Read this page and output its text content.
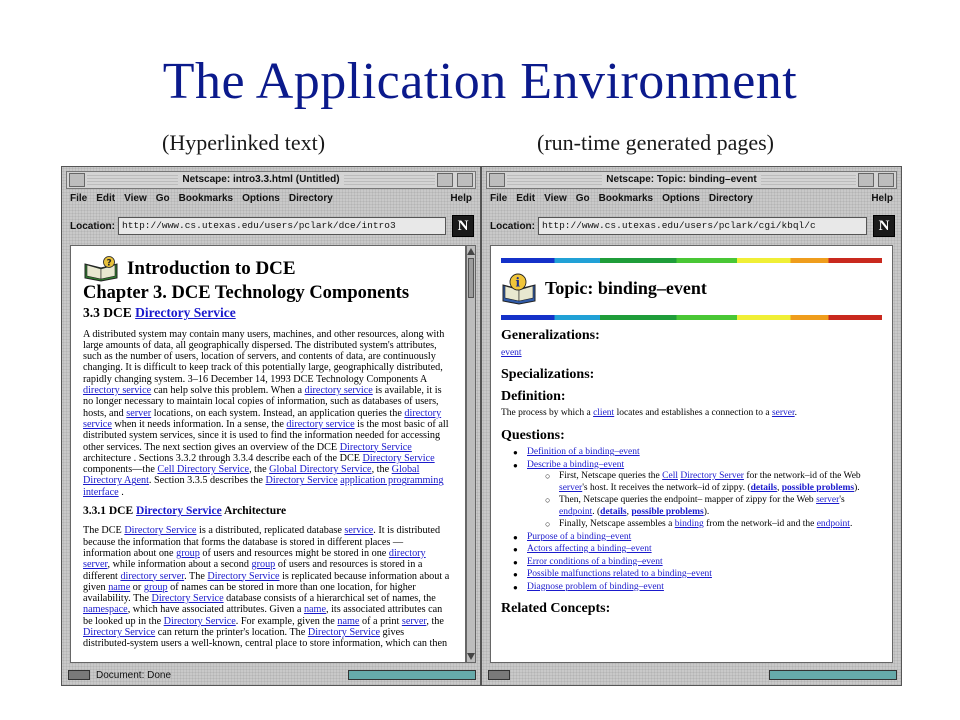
The Application Environment
(Hyperlinked text)	(run-time generated pages)
Netscape: intro3.3.html (Untitled)
File Edit View Go Bookmarks Options Directory	Help
Location: http://www.cs.utexas.edu/users/pclark/dce/intro3	N
? Introduction to DCE
Chapter 3. DCE Technology Components
3.3 DCE Directory Service

A distributed system may contain many users, machines, and other resources, along with large amounts of data, all geographically dispersed. The distributed system's attributes, such as the number of users, location of servers, and contents of data, are continuously changing. It is difficult to keep track of this potentially large, geographically distributed, rapidly changing system. 3–16 December 14, 1993 DCE Technology Components A directory service can help solve this problem. When a directory service is available, it is no longer necessary to maintain local copies of information, such as databases of users, hosts, and server locations, on each system. Instead, an application queries the directory service when it needs information. In a sense, the directory service is the most basic of all distributed system services, since it is used to find the information needed for accessing other services. The next section gives an overview of the DCE Directory Service architecture . Sections 3.3.2 through 3.3.4 describe each of the DCE Directory Service components—the Cell Directory Service, the Global Directory Service, the Global Directory Agent. Section 3.3.5 describes the Directory Service application programming interface .

3.3.1 DCE Directory Service Architecture

The DCE Directory Service is a distributed, replicated database service. It is distributed because the information that forms the database is stored in different places –– information about one group of users and resources might be stored in one directory server, while information about a second group of users and resources is stored in a different directory server. The Directory Service is replicated because information about a given name or group of names can be stored in more than one location, for higher availability. The Directory Service database consists of a hierarchical set of names, the namespace, which have associated attributes. Given a name, its associated attributes can be looked up in the Directory Service. For example, given the name of a print server, the Directory Service can return the printer's location. The Directory Service gives distributed-system users a well-known, central place to store information, which can then

Document: Done
Netscape: Topic: binding–event
File Edit View Go Bookmarks Options Directory	Help
Location: http://www.cs.utexas.edu/users/pclark/cgi/kbql/c	N
i Topic: binding–event
Generalizations:
event
Specializations:
Definition:
The process by which a client locates and establishes a connection to a server.
Questions:
● Definition of a binding–event
● Describe a binding–event
○ First, Netscape queries the Cell Directory Server for the network–id of the Web server's host. It receives the network–id of zippy. (details, possible problems).
○ Then, Netscape queries the endpoint– mapper of zippy for the Web server's endpoint. (details, possible problems).
○ Finally, Netscape assembles a binding from the network–id and the endpoint.
● Purpose of a binding–event
● Actors affecting a binding–event
● Error conditions of a binding–event
● Possible malfunctions related to a binding–event
● Diagnose problem of binding–event
Related Concepts:
